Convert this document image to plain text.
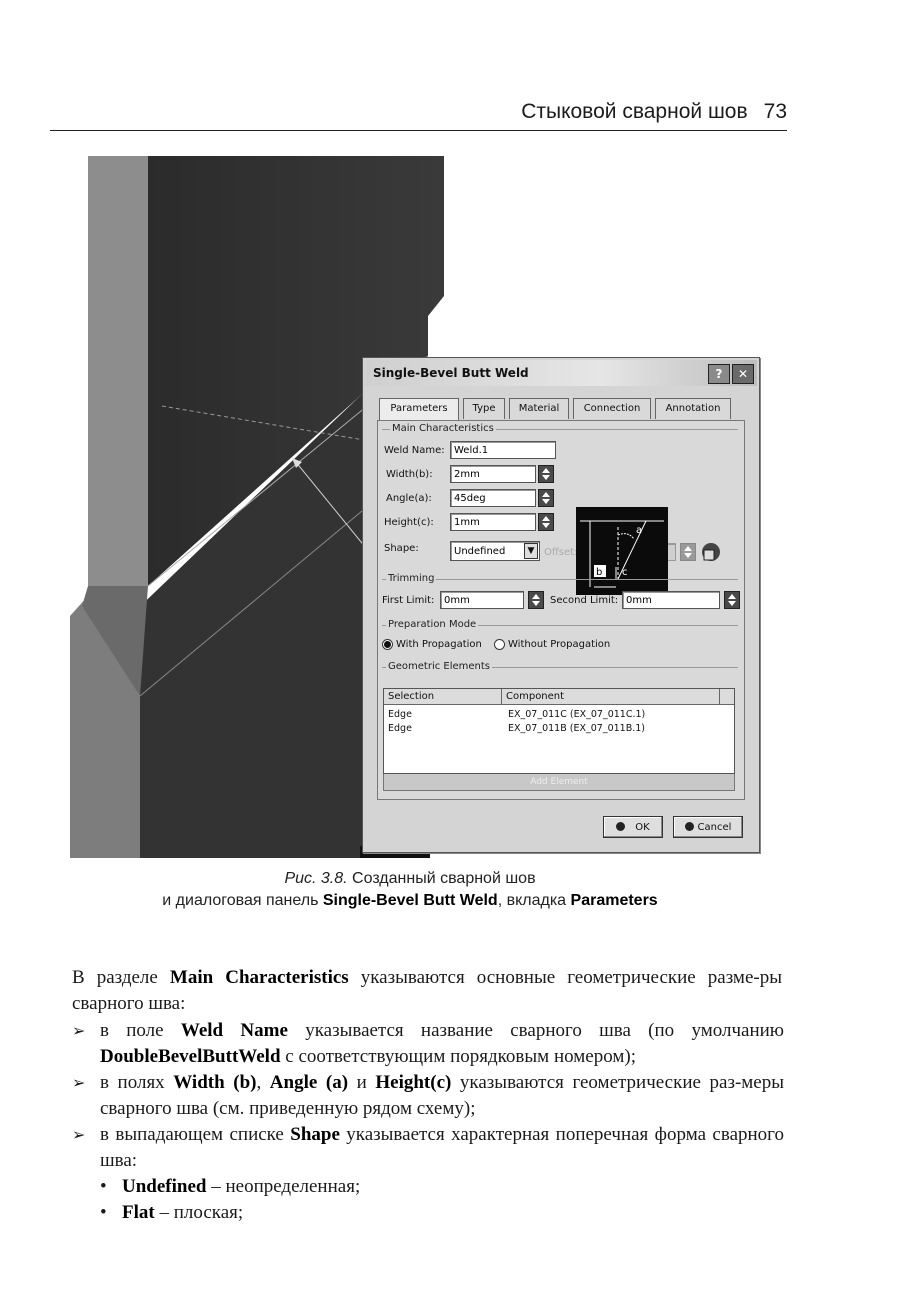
Стыковой сварной шов 73
Single-Bevel Butt Weld	?	✕
Parameters	Type	Material	Connection	Annotation
Main Characteristics
Weld Name: Weld.1
Width(b):	2mm
Angle(a):	45deg
Height(c):	1mm
Shape:	Undefined	▼ Offset:	1mm
a
b c
Trimming
First Limit: 0mm	Second Limit: 0mm
Preparation Mode
With Propagation	Without Propagation
Geometric Elements
Selection	Component
Edge	EX_07_011C (EX_07_011C.1)
Edge	EX_07_011B (EX_07_011B.1)
Add Element
OK	Cancel
Рис. 3.8. Созданный сварной шов
и диалоговая панель Single-Bevel Butt Weld, вкладка Parameters
В разделе Main Characteristics указываются основные геометрические разме-ры сварного шва:
➢ в поле Weld Name указывается название сварного шва (по умолчанию DoubleBevelButtWeld с соответствующим порядковым номером);
➢ в полях Width (b), Angle (a) и Height(c) указываются геометрические раз-меры сварного шва (см. приведенную рядом схему);
➢ в выпадающем списке Shape указывается характерная поперечная форма сварного шва:
• Undefined – неопределенная;
• Flat – плоская;
